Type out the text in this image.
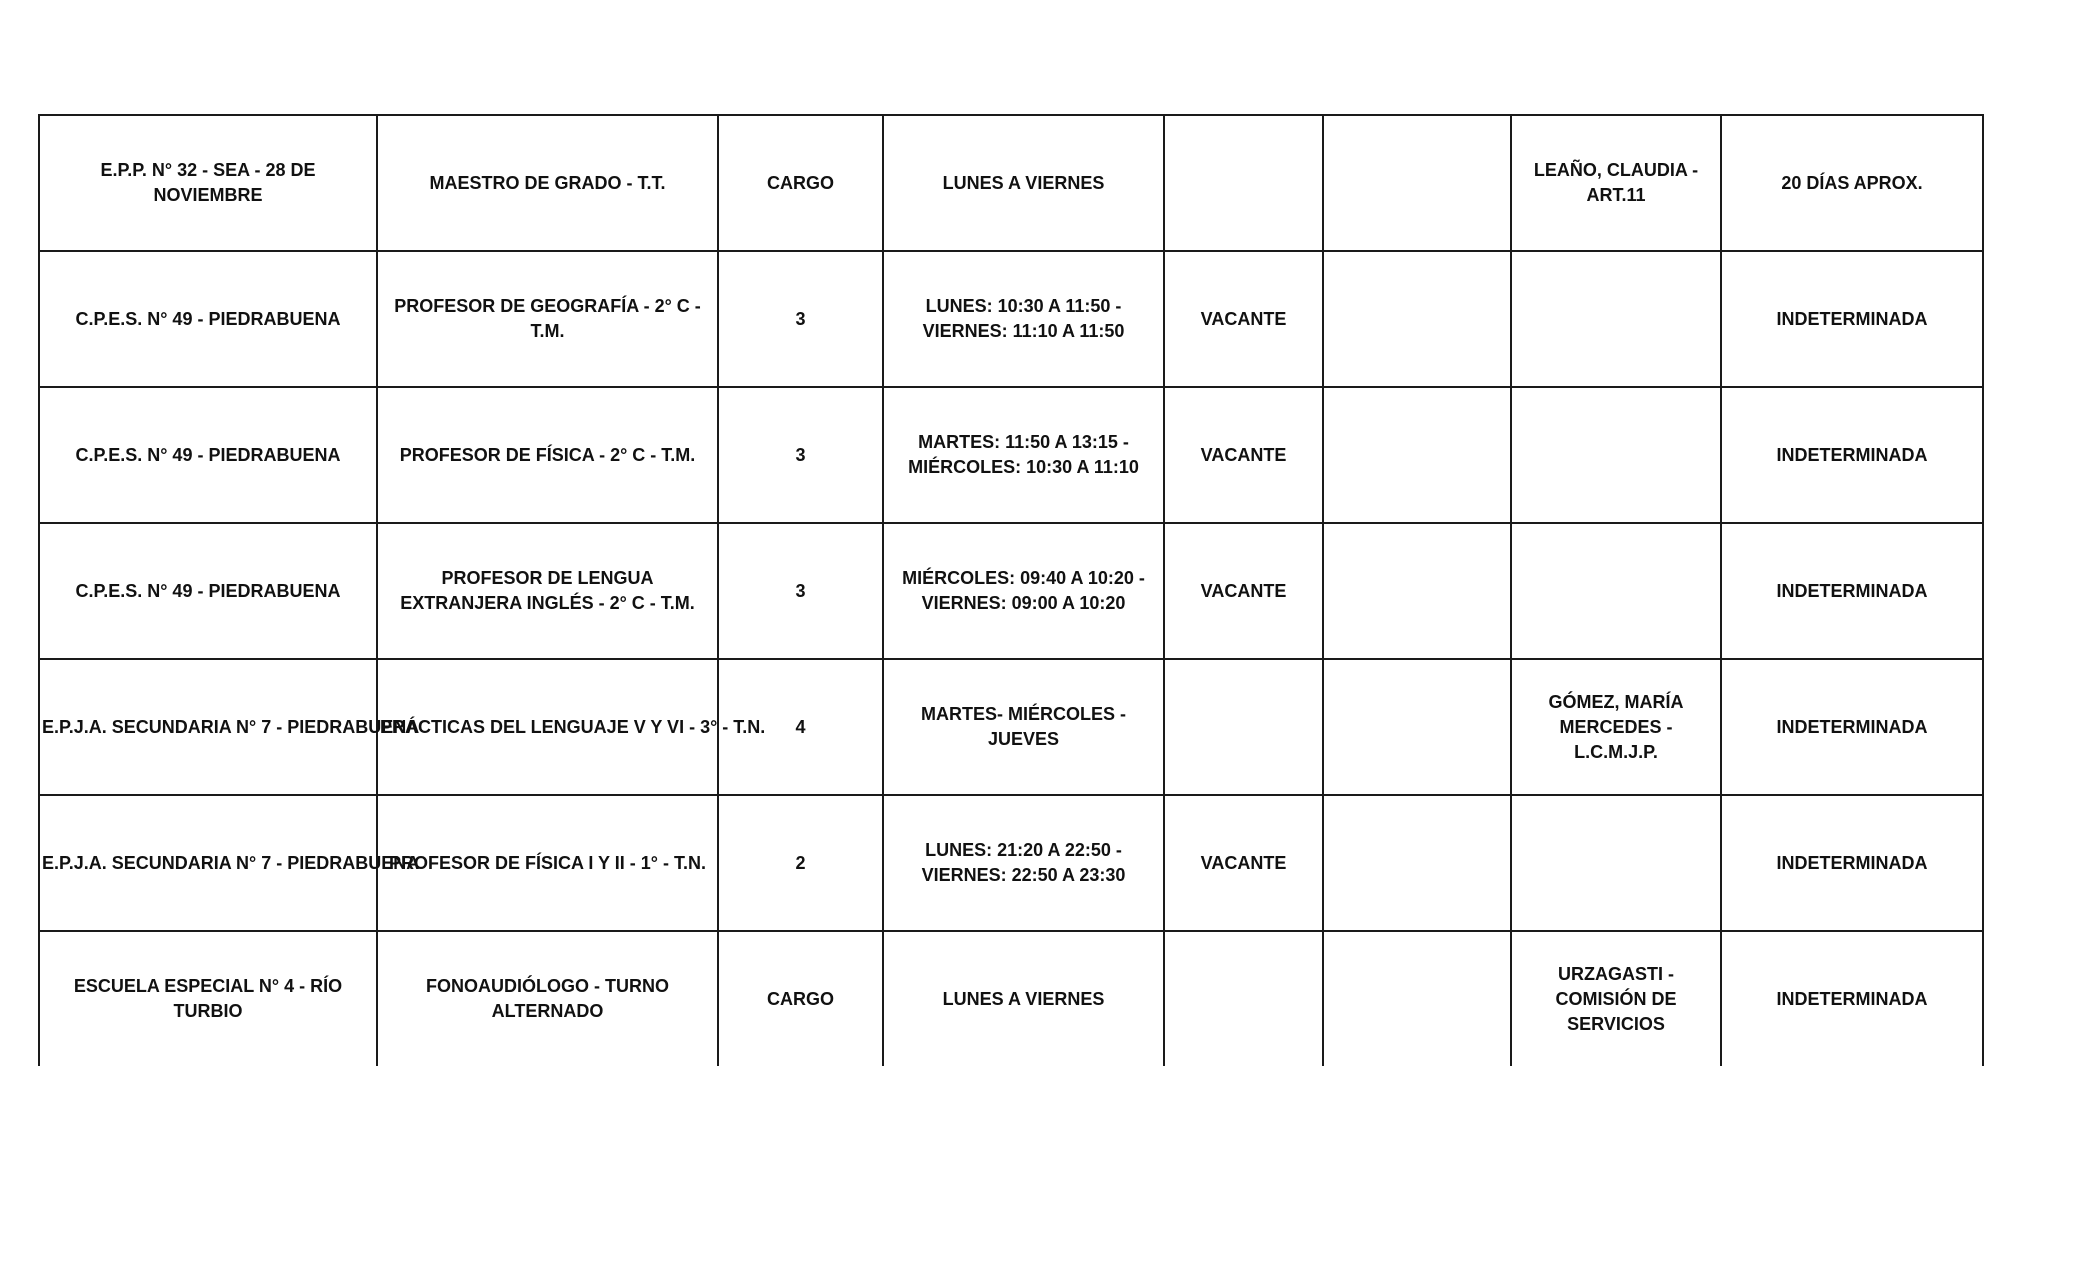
E.P.P. N° 32 - SEA - 28 DE NOVIEMBRE	MAESTRO DE GRADO - T.T.	CARGO	LUNES A VIERNES			LEAÑO, CLAUDIA - ART.11	20 DÍAS APROX.
C.P.E.S. N° 49 - PIEDRABUENA	PROFESOR DE GEOGRAFÍA - 2° C - T.M.	3	LUNES: 10:30 A 11:50 - VIERNES: 11:10 A 11:50	VACANTE			INDETERMINADA
C.P.E.S. N° 49 - PIEDRABUENA	PROFESOR DE FÍSICA - 2° C - T.M.	3	MARTES: 11:50 A 13:15 - MIÉRCOLES: 10:30 A 11:10	VACANTE			INDETERMINADA
C.P.E.S. N° 49 - PIEDRABUENA	PROFESOR DE LENGUA EXTRANJERA INGLÉS - 2° C - T.M.	3	MIÉRCOLES: 09:40 A 10:20 - VIERNES: 09:00 A 10:20	VACANTE			INDETERMINADA
E.P.J.A. SECUNDARIA N° 7 - PIEDRABUENA	PRÁCTICAS DEL LENGUAJE V Y VI - 3° - T.N.	4	MARTES- MIÉRCOLES - JUEVES			GÓMEZ, MARÍA MERCEDES - L.C.M.J.P.	INDETERMINADA
E.P.J.A. SECUNDARIA N° 7 - PIEDRABUENA	PROFESOR DE FÍSICA I Y II - 1° - T.N.	2	LUNES: 21:20 A 22:50 - VIERNES: 22:50 A 23:30	VACANTE			INDETERMINADA
ESCUELA ESPECIAL N° 4 - RÍO TURBIO	FONOAUDIÓLOGO - TURNO ALTERNADO	CARGO	LUNES A VIERNES			URZAGASTI - COMISIÓN DE SERVICIOS	INDETERMINADA
